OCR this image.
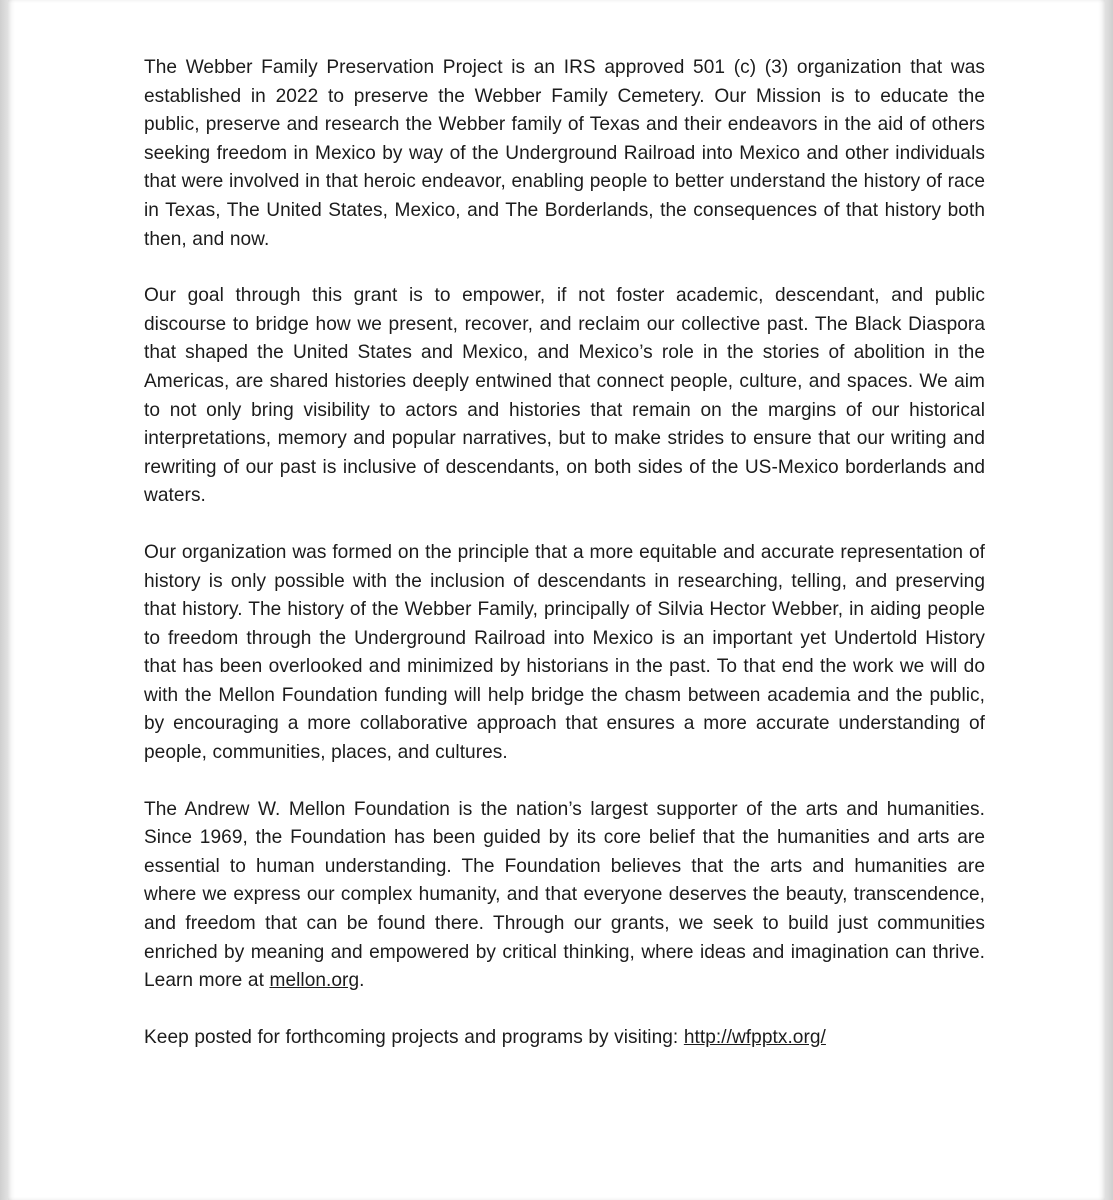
The Webber Family Preservation Project is an IRS approved 501 (c) (3) organization that was established in 2022 to preserve the Webber Family Cemetery. Our Mission is to educate the public, preserve and research the Webber family of Texas and their endeavors in the aid of others seeking freedom in Mexico by way of the Underground Railroad into Mexico and other individuals that were involved in that heroic endeavor, enabling people to better understand the history of race in Texas, The United States, Mexico, and The Borderlands, the consequences of that history both then, and now.

Our goal through this grant is to empower, if not foster academic, descendant, and public discourse to bridge how we present, recover, and reclaim our collective past. The Black Diaspora that shaped the United States and Mexico, and Mexico’s role in the stories of abolition in the Americas, are shared histories deeply entwined that connect people, culture, and spaces. We aim to not only bring visibility to actors and histories that remain on the margins of our historical interpretations, memory and popular narratives, but to make strides to ensure that our writing and rewriting of our past is inclusive of descendants, on both sides of the US-Mexico borderlands and waters.

Our organization was formed on the principle that a more equitable and accurate representation of history is only possible with the inclusion of descendants in researching, telling, and preserving that history. The history of the Webber Family, principally of Silvia Hector Webber, in aiding people to freedom through the Underground Railroad into Mexico is an important yet Undertold History that has been overlooked and minimized by historians in the past. To that end the work we will do with the Mellon Foundation funding will help bridge the chasm between academia and the public, by encouraging a more collaborative approach that ensures a more accurate understanding of people, communities, places, and cultures.

The Andrew W. Mellon Foundation is the nation’s largest supporter of the arts and humanities. Since 1969, the Foundation has been guided by its core belief that the humanities and arts are essential to human understanding. The Foundation believes that the arts and humanities are where we express our complex humanity, and that everyone deserves the beauty, transcendence, and freedom that can be found there. Through our grants, we seek to build just communities enriched by meaning and empowered by critical thinking, where ideas and imagination can thrive. Learn more at mellon.org.

Keep posted for forthcoming projects and programs by visiting: http://wfpptx.org/
